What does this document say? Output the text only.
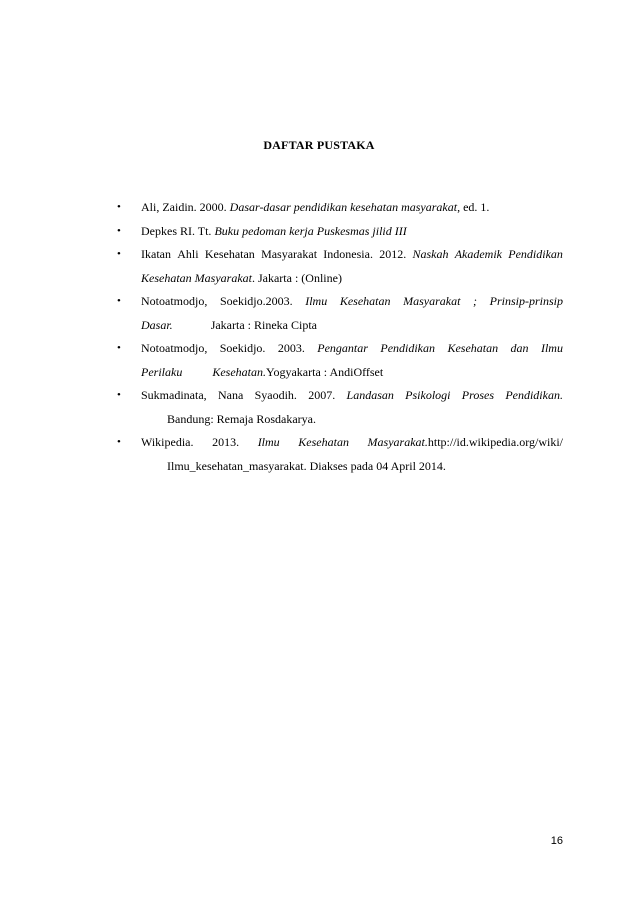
DAFTAR PUSTAKA
• Ali, Zaidin. 2000. Dasar-dasar pendidikan kesehatan masyarakat, ed. 1.
• Depkes RI. Tt. Buku pedoman kerja Puskesmas jilid III
• Ikatan Ahli Kesehatan Masyarakat Indonesia. 2012. Naskah Akademik Pendidikan
Kesehatan Masyarakat. Jakarta : (Online)
• Notoatmodjo, Soekidjo.2003. Ilmu Kesehatan Masyarakat ; Prinsip-prinsip
Dasar.	Jakarta : Rineka Cipta
• Notoatmodjo, Soekidjo. 2003. Pengantar Pendidikan Kesehatan dan Ilmu
Perilaku	Kesehatan.Yogyakarta : AndiOffset
• Sukmadinata, Nana Syaodih. 2007. Landasan Psikologi Proses Pendidikan.
Bandung: Remaja Rosdakarya.
• Wikipedia. 2013. Ilmu Kesehatan Masyarakat.http://id.wikipedia.org/wiki/
Ilmu_kesehatan_masyarakat. Diakses pada 04 April 2014.
16
